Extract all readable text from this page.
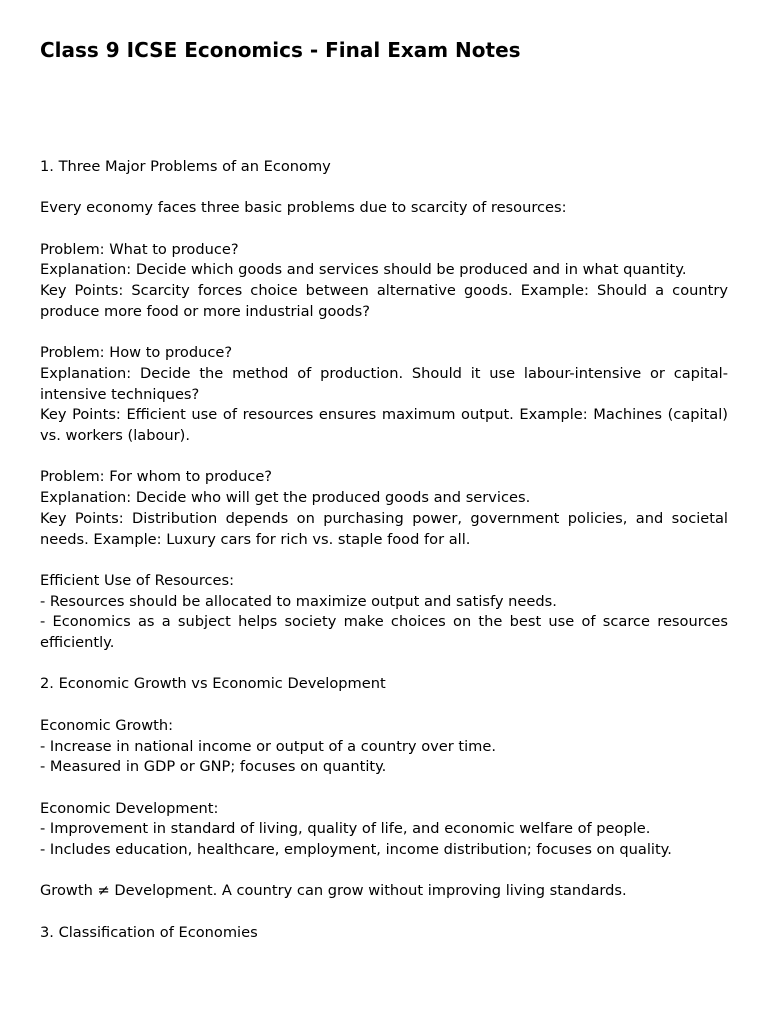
Class 9 ICSE Economics - Final Exam Notes

1. Three Major Problems of an Economy

Every economy faces three basic problems due to scarcity of resources:

Problem: What to produce?

Explanation: Decide which goods and services should be produced and in what quantity.

Key Points: Scarcity forces choice between alternative goods. Example: Should a country produce more food or more industrial goods?

Problem: How to produce?

Explanation: Decide the method of production. Should it use labour-intensive or capital-intensive techniques?

Key Points: Efficient use of resources ensures maximum output. Example: Machines (capital) vs. workers (labour).

Problem: For whom to produce?

Explanation: Decide who will get the produced goods and services.

Key Points: Distribution depends on purchasing power, government policies, and societal needs. Example: Luxury cars for rich vs. staple food for all.

Efficient Use of Resources:

- Resources should be allocated to maximize output and satisfy needs.

- Economics as a subject helps society make choices on the best use of scarce resources efficiently.

2. Economic Growth vs Economic Development

Economic Growth:

- Increase in national income or output of a country over time.

- Measured in GDP or GNP; focuses on quantity.

Economic Development:

- Improvement in standard of living, quality of life, and economic welfare of people.

- Includes education, healthcare, employment, income distribution; focuses on quality.

Growth ≠ Development. A country can grow without improving living standards.

3. Classification of Economies
